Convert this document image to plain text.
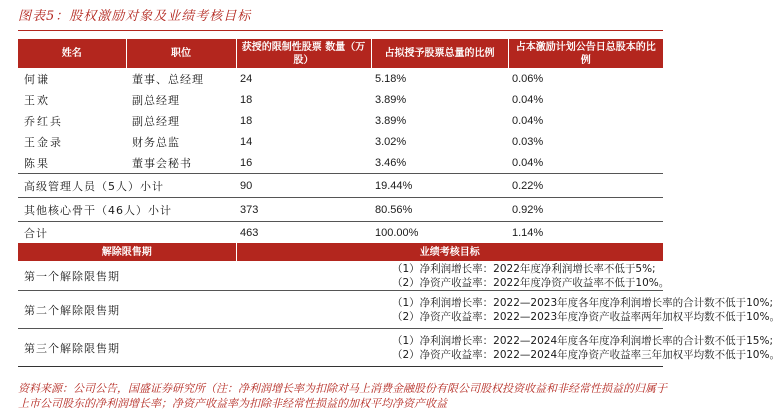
图表5：股权激励对象及业绩考核目标
姓名	职位	获授的限制性股票 数量（万股）	占拟授予股票总量的比例	占本激励计划公告日总股本的比例
何谦	董事、总经理	24	5.18%	0.06%
王欢	副总经理	18	3.89%	0.04%
乔红兵	副总经理	18	3.89%	0.04%
王金录	财务总监	14	3.02%	0.03%
陈果	董事会秘书	16	3.46%	0.04%
高级管理人员（5人）小计		90	19.44%	0.22%
其他核心骨干（46人）小计		373	80.56%	0.92%
合计		463	100.00%	1.14%
解除限售期		业绩考核目标		
第一个解除限售期		（1）净利润增长率：2022年度净利润增长率不低于5%;
（2）净资产收益率：2022年度净资产收益率不低于10%。		

第二个解除限售期		（1）净利润增长率：2022—2023年度各年度净利润增长率的合计数不低于10%;
（2）净资产收益率：2022—2023年度净资产收益率两年加权平均数不低于10%。		

第三个解除限售期		（1）净利润增长率：2022—2024年度各年度净利润增长率的合计数不低于15%;
（2）净资产收益率：2022—2024年度净资产收益率三年加权平均数不低于10%。		
资料来源：公司公告，国盛证券研究所（注：净利润增长率为扣除对马上消费金融股份有限公司股权投资收益和非经常性损益的归属于上市公司股东的净利润增长率；净资产收益率为扣除非经常性损益的加权平均净资产收益
